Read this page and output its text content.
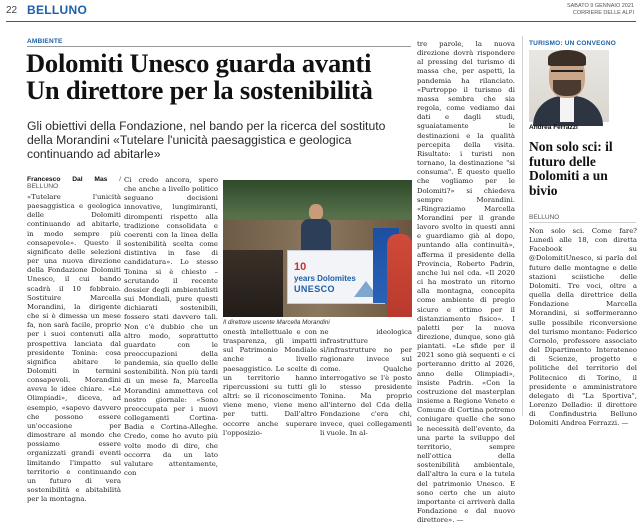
22 BELLUNO	SABATO 9 GENNAIO 2021
CORRIERE DELLE ALPI
AMBIENTE
Dolomiti Unesco guarda avanti
Un direttore per la sostenibilità
Gli obiettivi della Fondazione, nel bando per la ricerca del sostituto della Morandini «Tutelare l'unicità paesaggistica e geologica continuando ad abitarle»
Francesco Dal Mas / BELLUNO

«Tutelare l'unicità paesaggistica e geologica delle Dolomiti continuando ad abitarle, in modo sempre più consapevole». Questo il significato delle selezioni per una nuova direzione della Fondazione Dolomiti Unesco, il cui bando scadrà il 10 febbraio. Sostituire Marcella Morandini, la dirigente che si è dimessa un mese fa, non sarà facile, proprio per i suoi contenuti alla prospettiva lanciata dal presidente Tonina: cosa significa abitare le Dolomiti in termini consapevoli. Morandini aveva le idee chiare. «Le Olimpiadi», diceva, ad esempio, «sapevo davvero che possono essere un'occasione per dimostrare al mondo che possiamo essere organizzati grandi eventi limitando l'impatto sul territorio e continuando un futuro di vera sostenibilità e abitabilità per la montagna.

Ci credo ancora, spero che anche a livello politico seguano decisioni innovative, lungimiranti, dirompenti rispetto alla tradizione consolidata e coerenti con la linea della sostenibilità scelta come distintiva in fase di candidatura». Lo stesso Tonina si è chiesto – scrutando il recente dossier degli ambientalisti sui Mondiali, pure questi dichiarati sostenibili, fossero stati davvero tali. Non c'è dubbio che un altro modo, soprattutto guardato con le preoccupazioni della pandemia, sia quello delle sostenibilità. Non più tardi di un mese fa, Marcella Morandini ammetteva col nostro giornale: «Sono preoccupata per i nuovi collegamenti Cortina-Badia e Cortina-Alleghe. Credo, come ho avuto più volte modo di dire, che occorra da un lato valutare attentamente, con

10
years Dolomites
UNESCO
Il direttore uscente Marcella Morandini

onestà intellettuale e con trasparenza, gli impatti sul Patrimonio Mondiale anche a livello paesaggistico. Le scelte di un territorio hanno ripercussioni su tutti gli altri: se il riconoscimento viene meno, viene meno per tutti. Dall'altro occorre anche superare l'opposizio-

ne ideologica infrastrutture sì/infrastrutture no per ragionare invece sul come. Qualche interrogativo se l'è posto lo stesso presidente Tonina. Ma proprio all'interno del Cda della Fondazione c'era chi, invece, quei collegamenti li vuole. In al-

tre parole, la nuova direzione dovrà rispondere al pressing del turismo di massa che, per aspetti, la pandemia ha rilanciato. «Purtroppo il turismo di massa sembra che sia regola, come vediamo dai dati e dagli studi, sguaiatamente le destinazioni e la qualità percepita della visita. Risultato: i turisti non tornano, la destinazione "si consuma". È questo quello che vogliamo per le Dolomiti?» si chiedeva sempre Morandini. «Ringraziamo Marcella Morandini per il grande lavoro svolto in questi anni e guardiamo già al dopo, puntando alla continuità», afferma il presidente della Provincia, Roberto Padrin, anche lui nel cda. «Il 2020 ci ha mostrato un ritorno alla montagna, concepita come ambiente di pregio sicuro e ottimo per il distanziamento fisico». I paletti per la nuova direzione, dunque, sono già piantati. «Le sfide per il 2021 sono già sequenti e ci porteranno dritto al 2026, anno delle Olimpiadi», insiste Padrin. «Con la costruzione del masterplan insieme a Regione Veneto e Comune di Cortina potremo coniugare quelle che sono le necessità dell'evento, da una parte la sviluppo del territorio, sempre nell'ottica della sostenibilità ambientale, dall'altra la cura e la tutela del patrimonio Unesco. E sono certo che un aiuto importante ci arriverà dalla Fondazione e dal nuovo direttore». —

TURISMO: UN CONVEGNO
Andrea Ferrazzi
Non solo sci: il futuro delle Dolomiti a un bivio
BELLUNO
Non solo sci. Come fare? Lunedì alle 18, con diretta Facebook su @DolomitiUnesco, si parla del futuro delle montagne e delle stazioni sciistiche delle Dolomiti. Tre voci, oltre a quella della direttrice della Fondazione Marcella Morandini, si soffermeranno sulle possibile riconversione del turismo montano: Federico Cornolo, professore associato del Dipartimento Interateneo di Scienze, progetto e politiche del territorio del Politecnico di Torino, il presidente e amministratore delegato di "La Sportiva", Lorenzo Delladio: il direttore di Confindustria Belluno Dolomiti Andrea Ferrazzi. —
